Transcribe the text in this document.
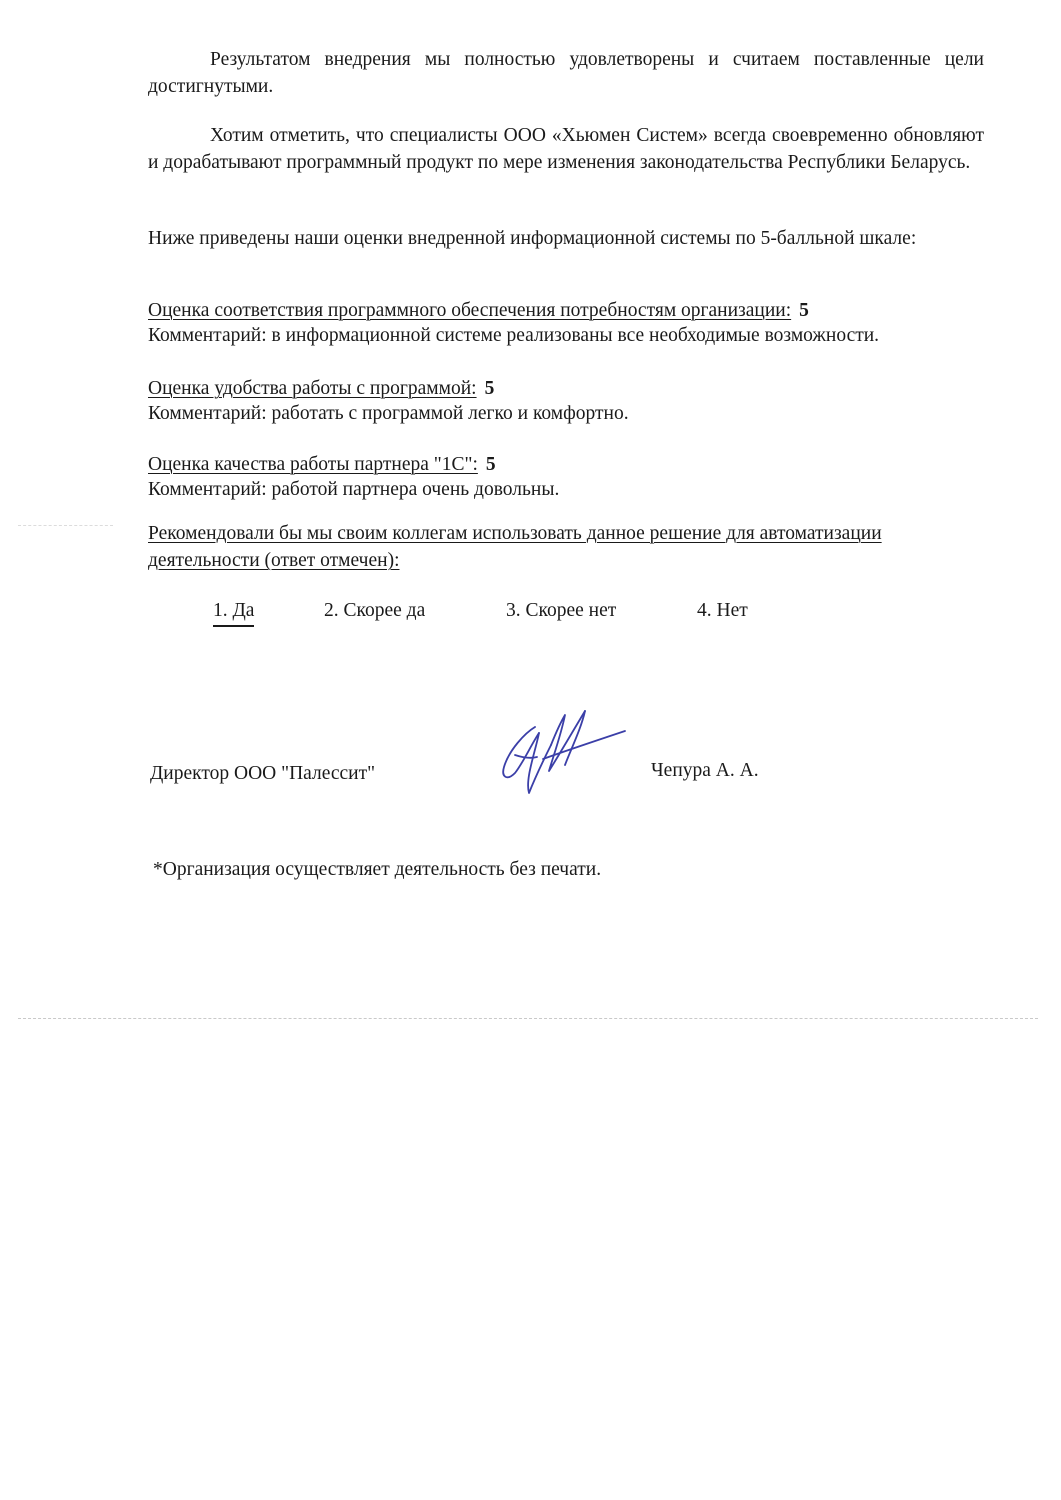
Результатом внедрения мы полностью удовлетворены и считаем поставленные цели достигнутыми.

Хотим отметить, что специалисты ООО «Хьюмен Систем» всегда своевременно обновляют и дорабатывают программный продукт по мере изменения законодательства Республики Беларусь.

Ниже приведены наши оценки внедренной информационной системы по 5-балльной шкале:

Оценка соответствия программного обеспечения потребностям организации: 5
Комментарий: в информационной системе реализованы все необходимые возможности.
Оценка удобства работы с программой: 5
Комментарий: работать с программой легко и комфортно.
Оценка качества работы партнера "1С": 5
Комментарий: работой партнера очень довольны.

Рекомендовали бы мы своим коллегам использовать данное решение для автоматизации деятельности (ответ отмечен):

1. Да	2. Скорее да	3. Скорее нет	4. Нет
Директор ООО "Палессит"	Чепура А. А.
*Организация осуществляет деятельность без печати.
